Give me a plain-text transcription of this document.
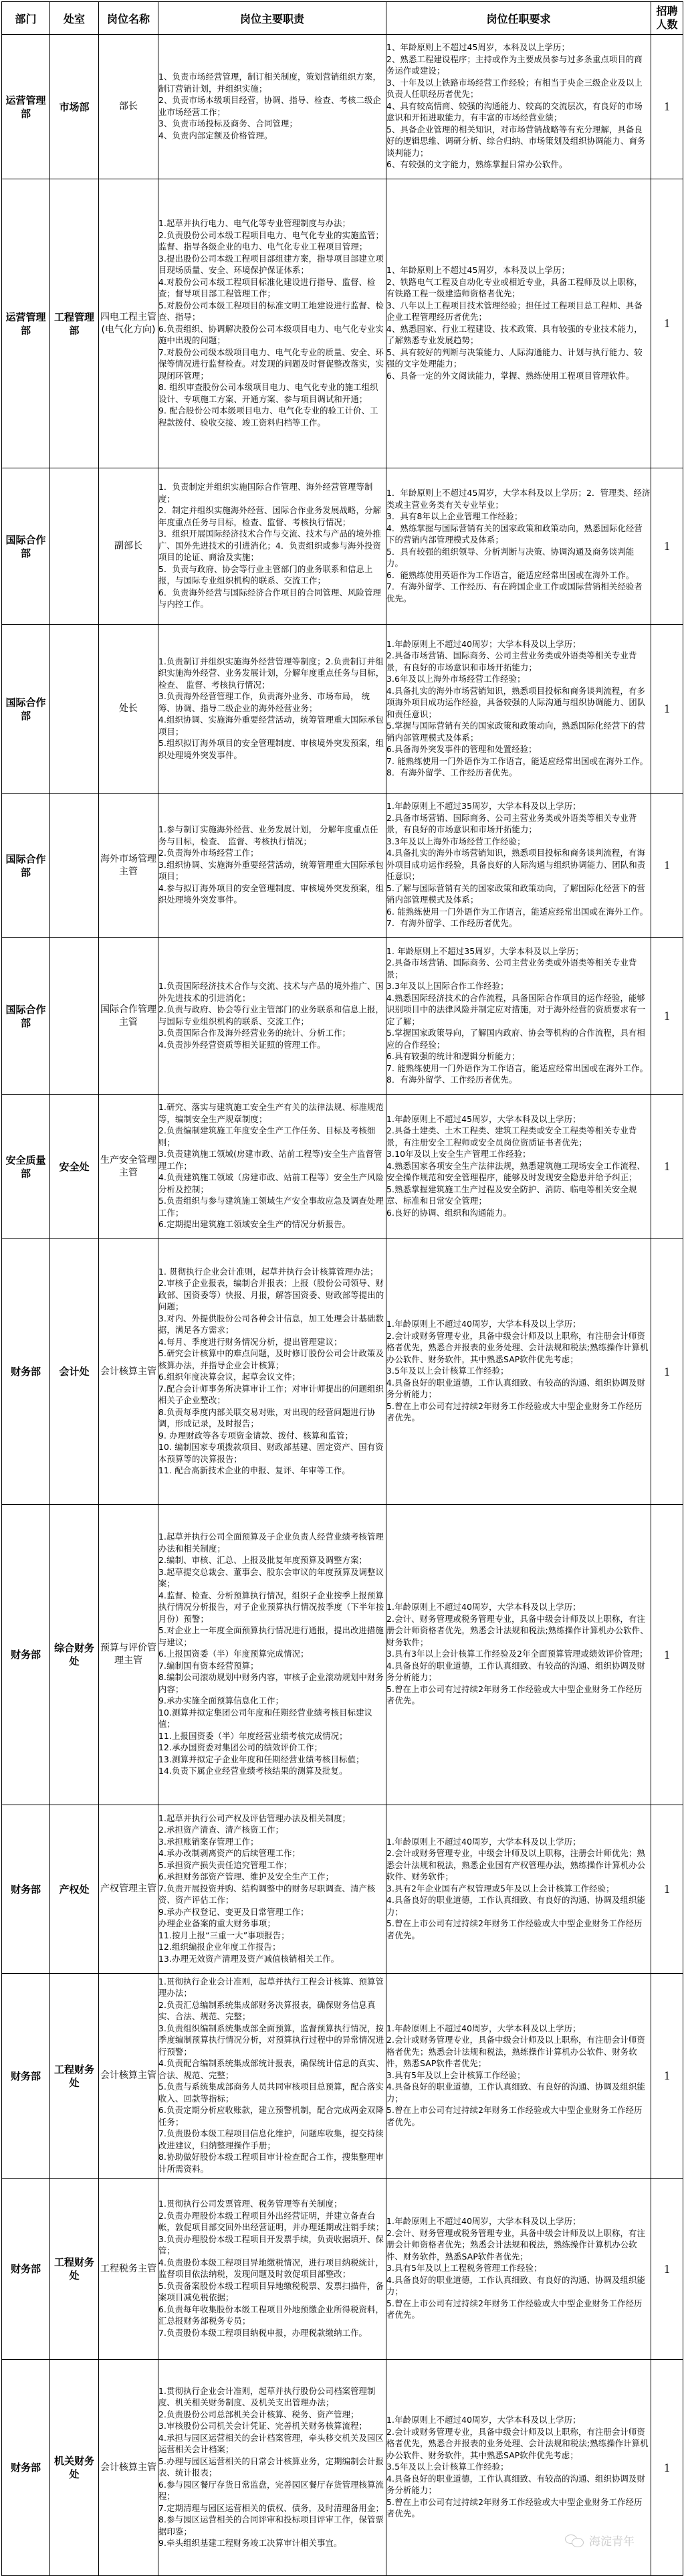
部门	处室	岗位名称	岗位主要职责	岗位任职要求	招聘人数
运营管理部	市场部	部长	
1、负责市场经营管理，制订相关制度，策划营销组织方案，制订营销计划，并组织实施；
2、负责市场本级项目经营，协调、指导、检查、考核二级企业市场经营工作；
3、负责市场投标及商务、合同管理；
4、负责内部定额及价格管理。

1、年龄原则上不超过45周岁，本科及以上学历；
2、熟悉工程建设程序；主持或作为主要成员参与过多条重点项目的商务运作或建设；
3、十年及以上铁路市场经营工作经验；有相当于央企三级企业及以上负责人任职经历者优先；
4、具有较高情商、较强的沟通能力、较高的交流层次，有良好的市场意识和开拓进取能力，有丰富的市场经营业绩；
5、具备企业管理的相关知识，对市场营销战略等有充分理解，具备良好的逻辑思维、调研分析、综合归纳、市场策划及组织协调能力、商务谈判能力；
6、有较强的文字能力，熟练掌握日常办公软件。
	1
运营管理部	工程管理部	四电工程主管(电气化方向)	
1.起草并执行电力、电气化等专业管理制度与办法；
2.负责股份公司本级工程项目电力、电气化专业的实施监管；监督、指导各级企业的电力、电气化专业工程项目管理；
3.提出股份公司本级工程项目部组建方案，指导项目部建立项目现场质量、安全、环境保护保证体系；
4.对股份公司本级工程项目标准化建设进行指导、监督、检查；督导项目部工程管理工作；
5.对股份公司本级工程项目的标准文明工地建设进行监督、检查、指导；
6.负责组织、协调解决股份公司本级项目电力、电气化专业实施中出现的问题；
7.对股份公司级本级项目电力、电气化专业的质量、安全、环保等情况进行监督检查。对发现的问题及时督促整改落实，实现闭环管理；
8. 组织审查股份公司本级项目电力、电气化专业的施工组织设计、专项施工方案、开通方案、参与项目调试和开通；
9. 配合股份公司本级项目电力、电气化专业的验工计价、工程款拨付、验收交接、竣工资料归档等工作。

1、年龄原则上不超过45周岁，本科及以上学历；
2、铁路电气工程及自动化专业或相近专业，具备工程师及以上职称，有铁路工程一级建造师资格者优先；
3、八年以上工程项目技术管理经验；担任过工程项目总工程师、具备企业工程管理经历者优先；
4、熟悉国家、行业工程建设、技术政策、具有较强的专业技术能力，了解熟悉专业发展趋势；
5、具有较好的判断与决策能力、人际沟通能力、计划与执行能力、较强的文字处理能力；
6、具备一定的外文阅读能力，掌握、熟练使用工程项目管理软件。
	1
国际合作部		副部长	
1．负责制定并组织实施国际合作管理、海外经营管理等制度；
2．制定并组织实施海外经营、国际合作业务发展战略，分解年度重点任务与目标，检查、监督、考核执行情况；
3．组织开展国际经济技术合作与交流、技术与产品的境外推广、国外先进技术的引进消化；4．负责组织或参与海外投资项目的论证、商洽及实施；
5．负责与政府、协会等行业主管部门的业务联系和信息上报，与国际专业组织机构的联系、交流工作；
6．负责海外经营与国际经济合作项目的合同管理、风险管理与内控工作。

1．年龄原则上不超过45周岁，大学本科及以上学历；2．管理类、经济类或主营业务类有关专业毕业；
3．具有8年以上企业管理工作经验；
4．熟练掌握与国际营销有关的国家政策和政策动向，熟悉国际化经营下的营销内部管理模式及体系；
5．具有较强的组织领导、分析判断与决策、协调沟通及商务谈判能力。
6．能熟练使用英语作为工作语言，能适应经常出国或在海外工作。
7．有海外留学、工作经历、有在跨国企业工作或国际营销相关经验者优先。
	1
国际合作部		处长	
1.负责制订并组织实施海外经营管理等制度；2.负责制订并组织实施海外经营、业务发展计划，分解年度重点任务与目标，检查、 监督、考核执行情况；
3.负责海外经营管理工作，负责海外业务、市场布局， 统筹、协调、指导二级企业的海外经营业务；
4.组织协调、实施海外重要经营活动，统筹管理重大国际承包项目；
5.组织拟订海外项目的安全管理制度、审核境外突发预案，组织处理境外突发事件。

1.年龄原则上不超过40周岁；大学本科及以上学历；
2.具备市场营销、国际商务、公司主营业务类或外语类等相关专业背景，有良好的市场意识和市场开拓能力；
3.6年及以上海外市场经营工作经验；
4.具备扎实的海外市场营销知识，熟悉项目投标和商务谈判流程，有多项海外项目成功运作经验，具备较强的人际沟通与组织协调能力、团队和责任意识；
5.掌握与国际营销有关的国家政策和政策动向，熟悉国际化经营下的营销内部管理模式及体系；
6.具备海外突发事件的管理和处置经验；
7. 能熟练使用一门外语作为工作语言，能适应经常出国或在海外工作。
8．有海外留学、工作经历者优先。
	1
国际合作部		海外市场管理主管	
1.参与制订实施海外经营、业务发展计划， 分解年度重点任务与目标，检查、 监督、考核执行情况；
2.负责海外市场经营工作；
3.组织协调、实施海外重要经营活动，统筹管理重大国际承包项目；
4.参与拟订海外项目的安全管理制度、审核境外突发预案，组织处理境外突发事件。

1.年龄原则上不超过35周岁，大学本科及以上学历；
2.具备市场营销、国际商务、公司主营业务类或外语类等相关专业背景，有良好的市场意识和市场开拓能力；
3.3年及以上海外市场经营工作经验；
4.具备扎实的海外市场营销知识，熟悉项目投标和商务谈判流程，有海外项目成功运作经验，具备良好的人际沟通与组织协调能力、团队和责任意识；
5.了解与国际营销有关的国家政策和政策动向，了解国际化经营下的营销内部管理模式及体系；
6. 能熟练使用一门外语作为工作语言，能适应经常出国或在海外工作。
7．有海外留学、工作经历者优先。
	1
国际合作部		国际合作管理主管	
1.负责国际经济技术合作与交流、技术与产品的境外推广、国外先进技术的引进消化；
2.负责与政府、协会等行业主管部门的业务联系和信息上报，与国际专业组织机构的联系、交流工作；
3.负责国际合作及海外经营业务的统计、分析工作；
4.负责涉外经营资质等相关证照的管理工作。

1. 年龄原则上不超过35周岁，大学本科及以上学历；
2.具备市场营销、国际商务、公司主营业务类或外语类等相关专业背景；
3.3年及以上国际合作工作经验；
4.熟悉国际经济技术的合作流程，具备国际合作项目的运作经验，能够识别项目中的法律风险并制定应对措施，对于海外经营的资质要求有一定了解；
5.掌握国家政策导向，了解国内政府、协会等机构的合作流程，具有相应的合作经验；
6.具有较强的统计和逻辑分析能力；
7. 能熟练使用一门外语作为工作语言，能适应经常出国或在海外工作。
8．有海外留学、工作经历者优先。
	1
安全质量部	安全处	生产安全管理主管	
1.研究、落实与建筑施工安全生产有关的法律法规、标准规范等，编制安全生产规章制度；
2.负责编制建筑施工年度安全生产工作任务、目标及考核细则；
3.负责建筑施工领域(房建市政、站前工程等)安全生产监督管理工作；
4.负责建筑施工领域（房建市政、站前工程等）安全生产风险分析及控制；
5.负责组织与参与建筑施工领域生产安全事故应急及调查处理工作；
6.定期提出建筑施工领域安全生产的情况分析报告。

1.年龄原则上不超过45周岁，大学本科及以上学历；
2.具备土建类、土木工程类、建筑工程类或安全工程类等相关专业背景，有注册安全工程师或安全员岗位资质证书者优先；
3.10年及以上安全生产管理工作经验；
4.熟悉国家各项安全生产法律法规，熟悉建筑施工现场安全工作流程、安全操作规范和安全管理程序，能够及时发现安全隐患并给予纠正；
5.熟悉掌握建筑施工生产过程及安全防护、消防、临电等相关安全规章、标准和日常安全管理；
6.良好的协调、组织和沟通能力。
	1
财务部	会计处	会计核算主管	
1. 贯彻执行企业会计准则，起草并执行会计核算管理办法；
2.审核子企业报表，编制合并报表；上报（股份公司领导、财政部、国资委等）快报、月报，解答国资委、财政部等提出的问题；
3.对内、外提供股份公司各种会计信息，加工处理会计基础数据，满足各方需求；
4.每月、季度进行财务情况分析，提出管理建议；
5.研究会计核算中的难点问题，及时修订股份公司会计政策及核算办法，并指导企业会计核算；
6.组织年度决算会议，起草会议文件；
7.配合会计师事务所决算审计工作；对审计师提出的问题组织相关子企业整改；
8.负责每季度内部关联交易对账，对出现的经营问题进行协调，形成记录，及时报告；
9. 办理财政等各专项资金请款、拨付、核算和监管；
10. 编制国家专项拨款项目、财政部基建、固定资产、国有资本预算等的决算报告；
11. 配合高新技术企业的申报、复评、年审等工作。

1.年龄原则上不超过40周岁，大学本科及以上学历；
2.会计或财务管理专业，具备中级会计师及以上职称，有注册会计师资格者优先，熟悉合并报表的业务处理、会计法规和税法;熟练操作计算机办公软件、财务软件，其中熟悉SAP软件优先考虑；
3.5年及以上会计核算工作经验；
4.具备良好的职业道德，工作认真细致、有较高的沟通、组织协调及财务分析能力；
5.曾在上市公司有过持续2年财务工作经验或大中型企业财务工作经历者优先。
	1
财务部	综合财务处	预算与评价管理主管	
1.起草并执行公司全面预算及子企业负责人经营业绩考核管理办法和相关制度；
2.编制、审核、汇总、上报及批复年度预算及调整方案；
3.起草提交总裁会、董事会、股东会审议的年度预算及调整议案；
4.监督、检查、分析预算执行情况，组织子企业按季上报预算执行情况分析报告，对子企业预算执行情况按季度（下半年按月份）预警；
5.对企业上一年度全面预算执行情况进行通报，提出改进措施与建议；
6.上报国资委（半）年度预算完成情况；
7.编制国有资本经营预算；
8.编制公司滚动规划中财务内容，审核子企业滚动规划中财务内容；
9.承办实施全面预算信息化工作；
10.测算并拟定集团公司年度和任期经营业绩考核目标建议值；
11.上报国资委（半）年度经营业绩考核完成情况；
12.承办国资委对集团公司的绩效评价工作；
13.测算并拟定子企业年度和任期经营业绩考核目标值；
14.负责下属企业经营业绩考核结果的测算及批复。

1.年龄原则上不超过40周岁，大学本科及以上学历；
2.会计、财务管理或税务管理专业，具备中级会计师及以上职称，有注册会计师资格者优先，熟悉会计法规和税法;熟练操作计算机办公软件、财务软件；
3.具有3年以上会计核算工作经验及2年全面预算管理或绩效评价管理；
4.具备良好的职业道德，工作认真细致、有较高的沟通、组织协调及财务分析能力；
5.曾在上市公司有过持续2年财务工作经验或大中型企业财务工作经历者优先。
	1
财务部	产权处	产权管理主管	
1.起草并执行公司产权及评估管理办法及相关制度；
2.承担资产清查、清产核资工作；
3.承担账销案存管理工作；
4.承办改制剥离资产的后续管理工作；
5.承担资产损失责任追究管理工作；
6.承担财务部资产管理、维护及安全生产工作；
7.负责开展投资并购、结构调整中的财务尽职调查、清产核资、资产评估工作；
9.承办产权登记、变更及日常管理工作；
办理企业备案的重大财务事项；
11.按月上报“三重一大”事项报告；
12.组织编报企业年度工作报告；
13.办理无效资产清理及资产减值核销相关工作。

1.年龄原则上不超过40周岁，大学本科及以上学历；
2.会计或财务管理专业，中级会计师及以上职称，注册会计师优先；熟悉会计法规和税法，熟悉企业国有产权管理办法，熟练操作计算机办公软件、财务软件；
3.具有2年企业国有产权管理或5年及以上会计核算工作经验；
4.具备良好的职业道德，工作认真细致、有良好的沟通、协调及组织能力；
5.曾在上市公司有过持续2年财务工作经验或大中型企业财务工作经历者优先。
	1
财务部	工程财务处	会计核算主管	
1.贯彻执行企业会计准则，起草并执行工程会计核算、预算管理办法；
2.负责汇总编制系统集成部财务决算报表，确保财务信息真实、合法、规范、完整；
3.负责组织编制系统集成部全面预算，监督预算执行情况，按季度编制预算执行情况分析，对预算执行过程中的异常情况进行预警；
4.负责配合编制系统集成部统计报表，确保统计信息的真实、合法、规范、完整；
5.负责与系统集成部商务人员共同审核项目总预算，配合落实收入、回款等指标；
6.负责定期分析应收账款，建立预警机制，配合完成两金双降任务；
7.负责股份本级工程项目信息化维护，问题库收集，提交持续改进建议，归纳整理操作手册；
8.协助做好股份本级工程项目审计检查配合工作，搜集整理审计所需资料。

1.年龄原则上不超过40周岁，大学本科及以上学历；
2.会计或财务管理专业，具备中级会计师及以上职称，有注册会计师资格者优先；熟悉会计法规和税法，熟练操作计算机办公软件、财务软件，熟悉SAP软件者优先；
3.具有5年及以上会计核算工作经验；
4.具备良好的职业道德，工作认真细致、有良好的沟通、协调及组织能力；
5.曾在上市公司有过持续2年财务工作经验或大中型企业财务工作经历者优先。
	1
财务部	工程财务处	工程税务主管	
1.贯彻执行公司发票管理、税务管理等有关制度；
2.负责办理股份本级工程项目外出经营证明，并建立备查台帐，敦促项目部交回外出经营证明，并办理延期或注销手续；
3.负责办理股份本级工程项目开发票手续，负责收据填开、保管；
4.负责股份本级工程项目异地缴税情况，进行项目纳税统计，监督项目依法纳税，发现问题及时敦促项目部整改；
5.负责备案股份本级工程项目异地缴税税票、发票扫描件，备案项目减免税依据；
6.负责每年收集股份本级工程项目外地预缴企业所得税资料，汇总报财务部税务专员；
7.负责股份本级工程项目纳税申报，办理税款缴纳工作。

1.年龄原则上不超过40周岁，大学本科及以上学历；
2.会计、财务管理或税务管理专业，具备中级会计师及以上职称，有注册会计师资格者优先；熟悉会计法规和税法，熟练操作计算机办公软件、财务软件，熟悉SAP软件者优先；
3.具有5年及以上工程税务管理工作经验；
4.具备良好的职业道德，工作认真细致、有良好的沟通、协调及组织能力；
5.曾在上市公司有过持续2年财务工作经验或大中型企业财务工作经历者优先。
	1
财务部	机关财务处	会计核算主管	
1.贯彻执行企业会计准则，起草并执行股份公司档案管理制度、机关相关财务制度、及机关支出管理办法；
2.负责股份公司总部机关会计核算、税务、资产管理；
3.审核股份公司机关会计凭证、完善机关财务核算流程；
4.承担与园区运营相关的会计档案管理，牵头移交机关及园区运营相关会计档案；
5.办理与园区运营相关的日常会计核算业务，定期编制会计报表、统计报表；
6.参与园区餐厅存货日常监盘，完善园区餐厅存货管理核算流程；
7.定期清理与园区运营相关的债权、债务，及时清理备用金；
8.参与园区运营相关的合同评审和投标项目评审工作，保管票据印鉴；
9.牵头组织基建工程财务竣工决算审计相关事宜。

1.年龄原则上不超过40周岁，大学本科及以上学历；
2.会计或财务管理专业，具备中级会计师及以上职称，有注册会计师资格者优先，熟悉合并报表的业务处理、会计法规和税法;熟练操作计算机办公软件、财务软件，其中熟悉SAP软件优先考虑；
3.5年及以上会计核算工作经验；
4.具备良好的职业道德，工作认真细致、有较高的沟通、组织协调及财务分析能力；
5.曾在上市公司有过持续2年财务工作经验或大中型企业财务工作经历者优先。
	1
海淀青年
